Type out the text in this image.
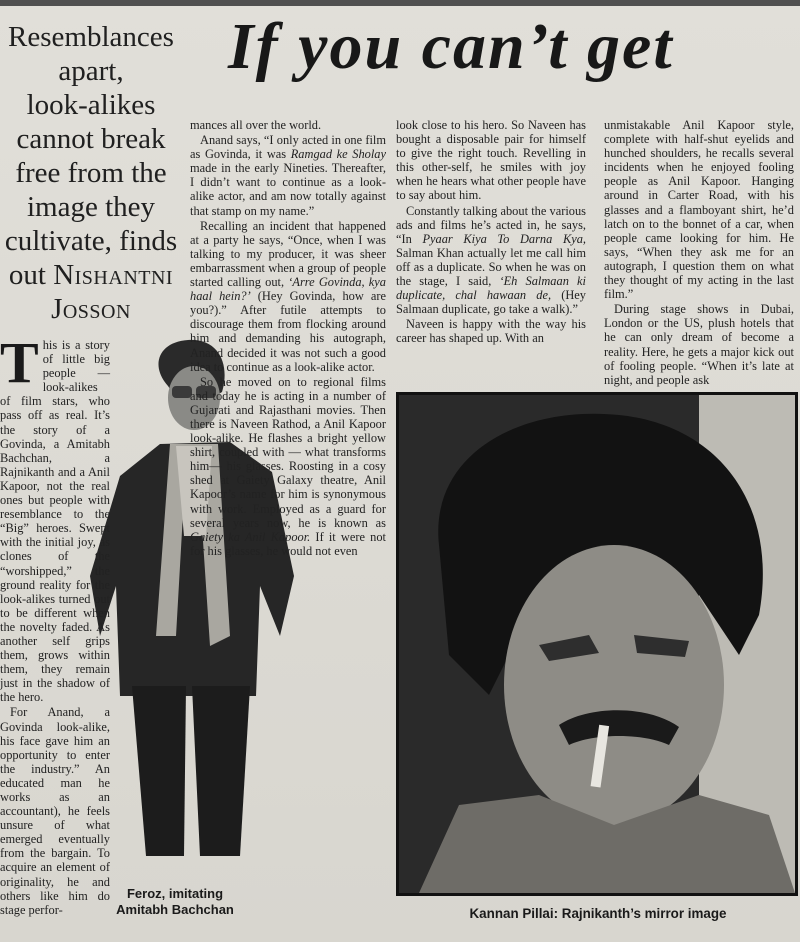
If you can’t get
Resemblances
apart,
look-alikes
cannot break
free from the
image they
cultivate, finds
out Nishantni
Josson

This is a story of little big people — look-alikes of film stars, who pass off as real. It’s the story of a Govinda, a Amitabh Bachchan, a Rajnikanth and a Anil Kapoor, not the real ones but people with resemblance to the “Big” heroes. Swept with the initial joy, as clones of the “worshipped,” the ground reality for the look-alikes turned out to be different when the novelty faded. As another self grips them, grows within them, they remain just in the shadow of the hero.

For Anand, a Govinda look-alike, his face gave him an opportunity to enter the industry.” An educated man he works as an accountant), he feels unsure of what emerged eventually from the bargain. To acquire an element of originality, he and others like him do stage perfor-

mances all over the world.

Anand says, “I only acted in one film as Govinda, it was Ramgad ke Sholay made in the early Nineties. Thereafter, I didn’t want to continue as a look-alike actor, and am now totally against that stamp on my name.”

Recalling an incident that happened at a party he says, “Once, when I was talking to my producer, it was sheer embarrassment when a group of people started calling out, ‘Arre Govinda, kya haal hein?’ (Hey Govinda, how are you?).” After futile attempts to discourage them from flocking around him and demanding his autograph, Anand decided it was not such a good idea to continue as a look-alike actor.

So he moved on to regional films and today he is acting in a number of Gujarati and Rajasthani movies. Then there is Naveen Rathod, a Anil Kapoor look-alike. He flashes a bright yellow shirt, coupled with — what transforms him— his glasses. Roosting in a cosy shed at Gaiety Galaxy theatre, Anil Kapoor’s name for him is synonymous with work. Employed as a guard for several years now, he is known as Gaiety ka Anil Kapoor. If it were not for his glasses, he would not even

look close to his hero. So Naveen has bought a disposable pair for himself to give the right touch. Revelling in this other-self, he smiles with joy when he hears what other people have to say about him.

Constantly talking about the various ads and films he’s acted in, he says, “In Pyaar Kiya To Darna Kya, Salman Khan actually let me call him off as a duplicate. So when he was on the stage, I said, ‘Eh Salmaan ki duplicate, chal hawaan de, (Hey Salmaan duplicate, go take a walk).”

Naveen is happy with the way his career has shaped up. With an

unmistakable Anil Kapoor style, complete with half-shut eyelids and hunched shoulders, he recalls several incidents when he enjoyed fooling people as Anil Kapoor. Hanging around in Carter Road, with his glasses and a flamboyant shirt, he’d latch on to the bonnet of a car, when people came looking for him. He says, “When they ask me for an autograph, I question them on what they thought of my acting in the last film.”

During stage shows in Dubai, London or the US, plush hotels that he can only dream of become a reality. Here, he gets a major kick out of fooling people. “When it’s late at night, and people ask

Feroz, imitating
Amitabh Bachchan	Kannan Pillai: Rajnikanth’s mirror image
